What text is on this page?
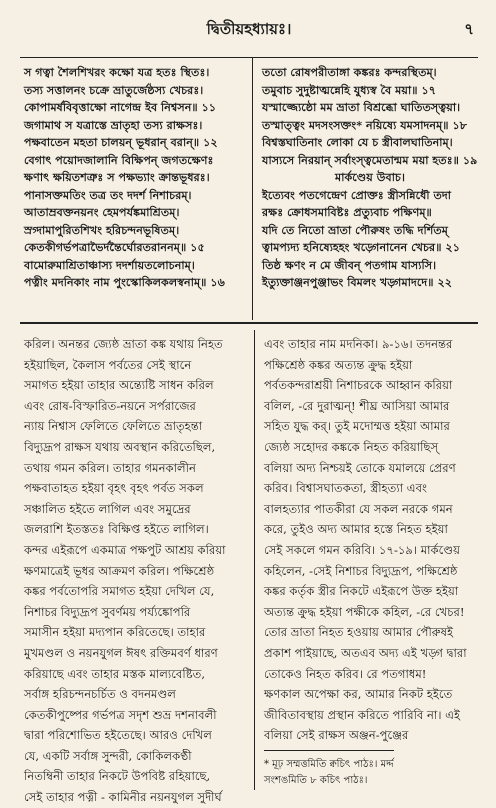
দ্বিতীয়হধ্যায়ঃ।	৭
স গত্বা শৈলশিখরং কক্ষো যত্র হতঃ স্থিতঃ।
তস্য সত্তালনং চক্রে ভ্রাতুর্জেষ্ঠস্য খেচরঃ।
কোপামর্ষবিবৃত্তাক্ষো নাগেন্দ্র ইব নিশ্বসন॥ ১১
জগামাথ স যত্রাস্তে ভ্রাতৃহা তস্য রাক্ষসঃ।
পক্ষবাতেন মহতা চালয়ন্ ভূধরান্ বরান্॥ ১২
বেগাৎ পয়োদজালানি বিক্ষিপন্ জগতক্ষেণঃ
ক্ষণাৎ ক্ষয়িতশত্রুঃ স পক্ষভ্যাং ক্রান্তভূধরঃ।
পানাসক্তমতিং তত্র তং দদর্শ নিশাচরম্।
আতাম্রবক্তনয়নং হেমপর্যঙ্কমাশ্রিতম্।
স্রগ্দামাপুরিতশিখং হরিচন্দনভূষিতম্।
কেতকীগর্ভপত্রাভৈর্দন্তৈর্ঘোরতরাননম্॥ ১৫
বামোরুমাশ্রিতাঞ্চাস্য দদর্শায়তলোচনাম্।
পত্নীং মদনিকাং নাম পুংস্কোকিলকলস্বনাম্॥ ১৬
ততো রোষপরীতাঙ্গা কঙ্করঃ কন্দরস্থিতম্।
তমুবাচ সুদুষ্টাত্মন্নেহি যুধ্যস্ব বৈ ময়া॥ ১৭
যস্মাজ্জ্যেষ্ঠো মম ভ্রাতা বিশ্রব্ধো ঘাতিতস্ত্বয়া।
তস্মাত্ত্বং মদসংসক্তং* নয়িষ্যে যমসাদনম্॥ ১৮
বিশ্বস্তঘাতিনাং লোকা যে চ স্ত্রীবালঘাতিনাম্।
যাস্যসে নিরয়ান্ সর্বাংস্ত্বমেতান্মম ময়া হতঃ॥ ১৯
মার্কণ্ডেয় উবাচ।
ইত্যেবং পতগেন্দ্রেণ প্রোক্তঃ স্ত্রীসন্নিধৌ তদা
রক্ষঃ ক্রোধসমাবিষ্টঃ প্রত্যুবাচ পক্ষিণম্॥
যদি তে নিতো ভ্রাতা পৌরুষং তদ্ধি দর্শিতম্
ত্বামপ্যদ্য হনিষ্যেহহং খড়্গেনানেন খেচর॥ ২১
তিষ্ঠ ক্ষণং ন মে জীবন্ পতগাম যাস্যসি।
ইত্যুক্তাঞ্জনপুঞ্জাভং বিমলং খড়্গমাদদে॥ ২২
করিল। অনন্তর জ্যেষ্ঠ ভ্রাতা কঙ্ক যথায় নিহত
হইয়াছিল, কৈলাস পর্বতের সেই স্থানে
সমাগত হইয়া তাহার অন্ত্যেষ্টি সাধন করিল
এবং রোষ-বিস্ফারিত-নয়নে সর্পরাজের
ন্যায় নিশ্বাস ফেলিতে ফেলিতে ভ্রাতৃহন্তা
বিদ্যুদ্রূপ রাক্ষস যথায় অবস্থান করিতেছিল,
তথায় গমন করিল। তাহার গমনকালীন
পক্ষবাতাহত হইয়া বৃহৎ বৃহৎ পর্বত সকল
সঞ্চালিত হইতে লাগিল এবং সমুদ্রের
জলরাশি ইতস্ততঃ বিক্ষিপ্ত হইতে লাগিল।
কন্দর এইরূপে একমাত্র পক্ষপুট আশ্রয় করিয়া
ক্ষণমাত্রেই ভূধর আক্রমণ করিল। পক্ষিশ্রেষ্ঠ
কঙ্কর পর্বতোপরি সমাগত হইয়া দেখিল যে,
নিশাচর বিদ্যুদ্রূপ সুবর্ণময় পর্য্যঙ্কোপরি
সমাসীন হইয়া মদ্যপান করিতেছে। তাহার
মুখমণ্ডল ও নয়নযুগল ঈষৎ রক্তিমবর্ণ ধারণ
করিয়াছে এবং তাহার মস্তক মাল্যবেষ্টিত,
সর্বাঙ্গ হরিচন্দনচর্চিত ও বদনমণ্ডল
কেতকীপুষ্পের গর্ভপত্র সদৃশ শুভ্র দশনাবলী
দ্বারা পরিশোভিত হইতেছে। আরও দেখিল
যে, একটি সর্বাঙ্গ সুন্দরী, কোকিলকণ্ঠী
নিতম্বিনী তাহার নিকটে উপবিষ্ট রহিয়াছে,
সেই তাহার পত্নী - কামিনীর নয়নযুগল সুদীর্ঘ
এবং তাহার নাম মদনিকা। ৯-১৬। তদনন্তর
পক্ষিশ্রেষ্ঠ কঙ্কর অত্যন্ত ক্রুদ্ধ হইয়া
পর্বতকন্দরাশ্রয়ী নিশাচরকে আহ্বান করিয়া
বলিল, -রে দুরাত্মন্! শীঘ্র আসিয়া আমার
সহিত যুদ্ধ কর্। তুই মদোম্মত্ত হইয়া আমার
জ্যেষ্ঠ সহোদর কঙ্ককে নিহত করিয়াছিস্
বলিয়া অদ্য নিশ্চয়ই তোকে যমালয়ে প্রেরণ
করিব। বিশ্বাসঘাতকতা, স্ত্রীহত্যা এবং
বালহত্যার পাতকীরা যে সকল নরকে গমন
করে, তুইও অদ্য আমার হস্তে নিহত হইয়া
সেই সকলে গমন করিবি। ১৭-১৯। মার্কণ্ডেয়
কহিলেন, -সেই নিশাচর বিদ্যুদ্রূপ, পক্ষিশ্রেষ্ঠ
কঙ্কর কর্তৃক স্ত্রীর নিকটে এইরূপে উক্ত হইয়া
অত্যন্ত ক্রুদ্ধ হইয়া পক্ষীকে কহিল, -রে খেচর!
তোর ভ্রাতা নিহত হওয়ায় আমার পৌরুষই
প্রকাশ পাইয়াছে, অতএব অদ্য এই খড়্গ দ্বারা
তোকেও নিহত করিব। রে পতগাধম!
ক্ষণকাল অপেক্ষা কর, আমার নিকট হইতে
জীবিতাবস্থায় প্রস্থান করিতে পারিবি না। এই
বলিয়া সেই রাক্ষস অঞ্জন-পুঞ্জের
* মূঢ় সম্মত্তমিতি ক্বচিৎ পাঠঃ। মর্দ্দ
সংশঙমিতি ৮ কচিৎ পাঠঃ।
